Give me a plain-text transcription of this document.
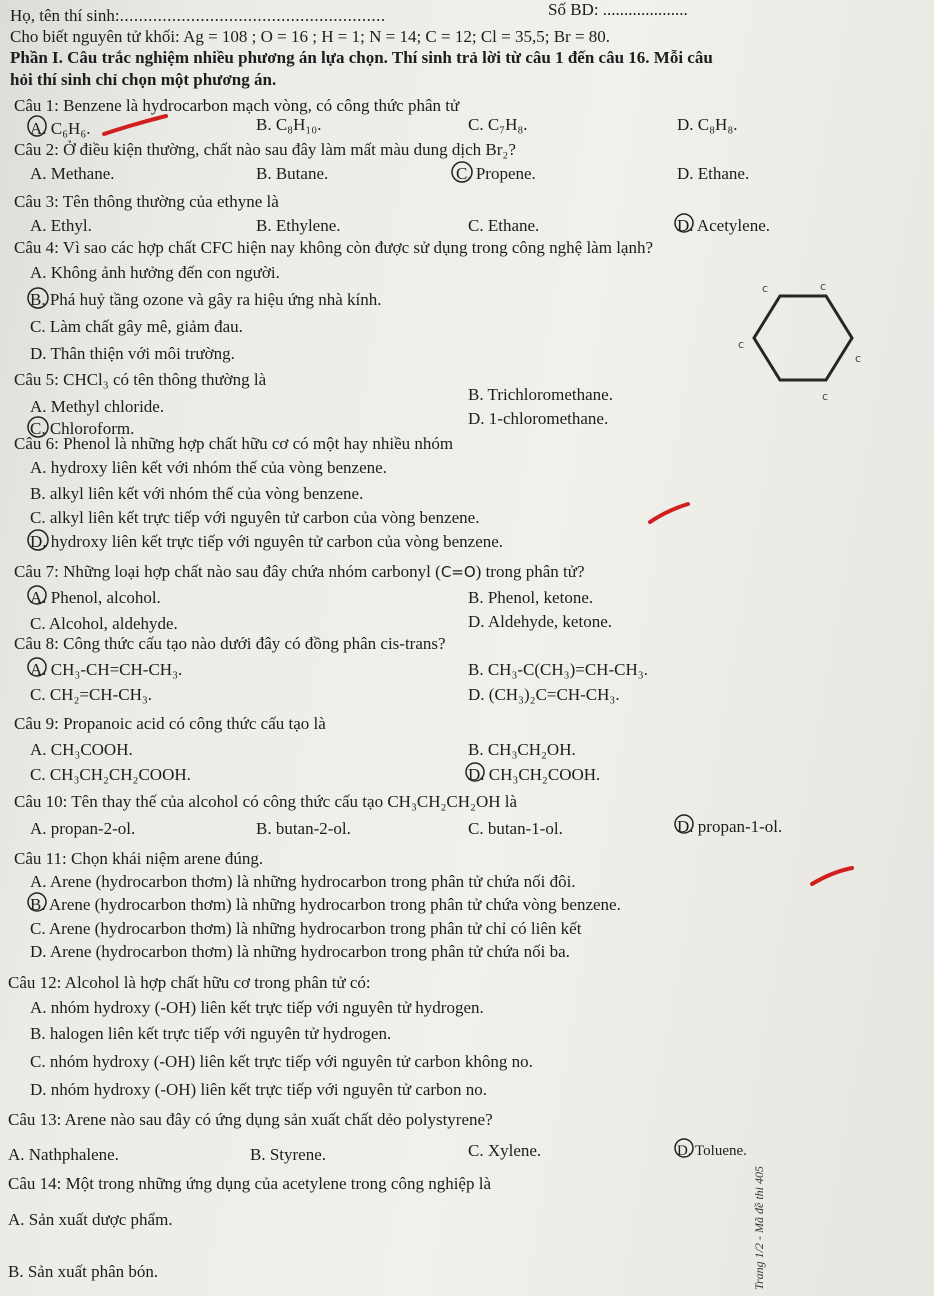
Họ, tên thí sinh:........................................................	Số BD: ....................
Cho biết nguyên tử khối: Ag = 108 ; O = 16 ; H = 1; N = 14; C = 12; Cl = 35,5; Br = 80.
Phần I. Câu trắc nghiệm nhiều phương án lựa chọn. Thí sinh trả lời từ câu 1 đến câu 16. Mỗi câu
hỏi thí sinh chỉ chọn một phương án.
Câu 1: Benzene là hydrocarbon mạch vòng, có công thức phân tử
A. C₆H₆.	B. C₈H₁₀.	C. C₇H₈.	D. C₈H₈.
Câu 2: Ở điều kiện thường, chất nào sau đây làm mất màu dung dịch Br₂?
A. Methane.	B. Butane.	C. Propene.	D. Ethane.
Câu 3: Tên thông thường của ethyne là
A. Ethyl.	B. Ethylene.	C. Ethane.	D. Acetylene.
Câu 4: Vì sao các hợp chất CFC hiện nay không còn được sử dụng trong công nghệ làm lạnh?
A. Không ảnh hưởng đến con người.
B. Phá huỷ tầng ozone và gây ra hiệu ứng nhà kính.
C. Làm chất gây mê, giảm đau.
D. Thân thiện với môi trường.
c	c
c
c
c
Câu 5: CHCl₃ có tên thông thường là
A. Methyl chloride.
B. Trichloromethane.
C. Chloroform.
D. 1-chloromethane.
Câu 6: Phenol là những hợp chất hữu cơ có một hay nhiều nhóm
A. hydroxy liên kết với nhóm thế của vòng benzene.
B. alkyl liên kết với nhóm thế của vòng benzene.
C. alkyl liên kết trực tiếp với nguyên tử carbon của vòng benzene.
D. hydroxy liên kết trực tiếp với nguyên tử carbon của vòng benzene.
Câu 7: Những loại hợp chất nào sau đây chứa nhóm carbonyl (C=O) trong phân tử?
A. Phenol, alcohol.	B. Phenol, ketone.
C. Alcohol, aldehyde.	D. Aldehyde, ketone.
Câu 8: Công thức cấu tạo nào dưới đây có đồng phân cis-trans?
A. CH₃-CH=CH-CH₃.	B. CH₃-C(CH₃)=CH-CH₃.
C. CH₂=CH-CH₃.	D. (CH₃)₂C=CH-CH₃.
Câu 9: Propanoic acid có công thức cấu tạo là
A. CH₃COOH.	B. CH₃CH₂OH.
C. CH₃CH₂CH₂COOH.	D. CH₃CH₂COOH.
Câu 10: Tên thay thế của alcohol có công thức cấu tạo CH₃CH₂CH₂OH là
A. propan-2-ol.	B. butan-2-ol.	C. butan-1-ol.	D. propan-1-ol.
Câu 11: Chọn khái niệm arene đúng.
A. Arene (hydrocarbon thơm) là những hydrocarbon trong phân tử chứa nối đôi.
B. Arene (hydrocarbon thơm) là những hydrocarbon trong phân tử chứa vòng benzene.
C. Arene (hydrocarbon thơm) là những hydrocarbon trong phân tử chỉ có liên kết
D. Arene (hydrocarbon thơm) là những hydrocarbon trong phân tử chứa nối ba.
Câu 12: Alcohol là hợp chất hữu cơ trong phân tử có:
A. nhóm hydroxy (-OH) liên kết trực tiếp với nguyên tử hydrogen.
B. halogen liên kết trực tiếp với nguyên tử hydrogen.
C. nhóm hydroxy (-OH) liên kết trực tiếp với nguyên tử carbon không no.
D. nhóm hydroxy (-OH) liên kết trực tiếp với nguyên tử carbon no.
Câu 13: Arene nào sau đây có ứng dụng sản xuất chất dẻo polystyrene?
A. Nathphalene.	B. Styrene.	C. Xylene.	D. Toluene.
Câu 14: Một trong những ứng dụng của acetylene trong công nghiệp là
A. Sản xuất dược phẩm.
B. Sản xuất phân bón.	Trang 1/2 - Mã đề thi 405
